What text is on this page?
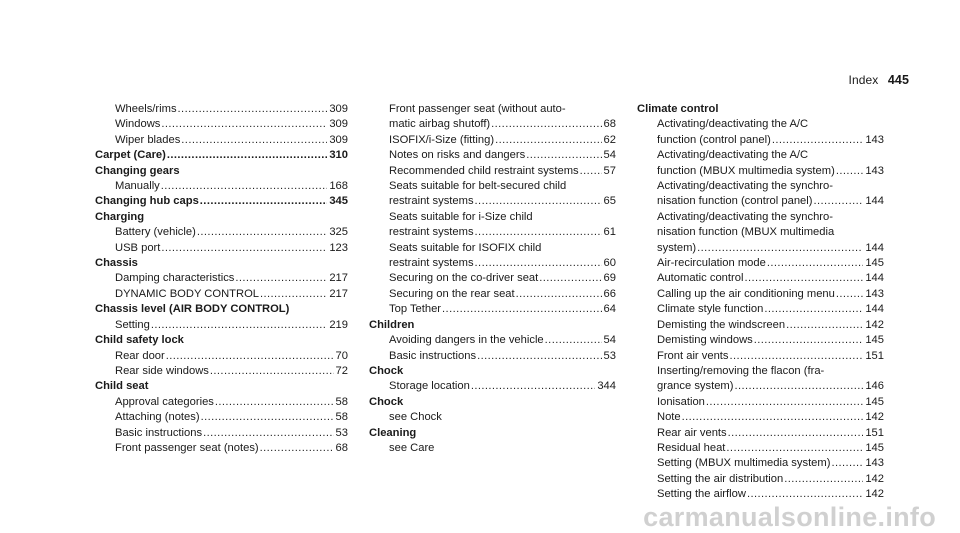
Index 445
Wheels/rims .....	309
Windows .....	309
Wiper blades .....	309
Carpet (Care) .....	310
Changing gears
Manually .....	168
Changing hub caps .....	345
Charging
Battery (vehicle) .....	325
USB port .....	123
Chassis
Damping characteristics .....	217
DYNAMIC BODY CONTROL .....	217
Chassis level (AIR BODY CONTROL)
Setting .....	219
Child safety lock
Rear door .....	70
Rear side windows .....	72
Child seat
Approval categories .....	58
Attaching (notes) .....	58
Basic instructions .....	53
Front passenger seat (notes) .....	68
Front passenger seat (without auto-
matic airbag shutoff) .....	68
ISOFIX/i-Size (fitting) .....	62
Notes on risks and dangers .....	54
Recommended child restraint systems ..... 57
Seats suitable for belt-secured child
restraint systems .....	65
Seats suitable for i-Size child
restraint systems .....	61
Seats suitable for ISOFIX child
restraint systems .....	60
Securing on the co-driver seat .....	69
Securing on the rear seat .....	66
Top Tether .....	64
Children
Avoiding dangers in the vehicle .....	54
Basic instructions .....	53
Chock
Storage location .....	344
Chock
see Chock
Cleaning
see Care
Climate control
Activating/deactivating the A/C
function (control panel) .....	143
Activating/deactivating the A/C
function (MBUX multimedia system) .....	143
Activating/deactivating the synchro-
nisation function (control panel) .....	144
Activating/deactivating the synchro-
nisation function (MBUX multimedia
system) .....	144
Air-recirculation mode .....	145
Automatic control .....	144
Calling up the air conditioning menu .....	143
Climate style function .....	144
Demisting the windscreen .....	142
Demisting windows .....	145
Front air vents .....	151
Inserting/removing the flacon (fra-
grance system) .....	146
Ionisation .....	145
Note .....	142
Rear air vents .....	151
Residual heat .....	145
Setting (MBUX multimedia system) .....	143
Setting the air distribution .....	142
Setting the airflow .....	142
carmanualsonline.info
